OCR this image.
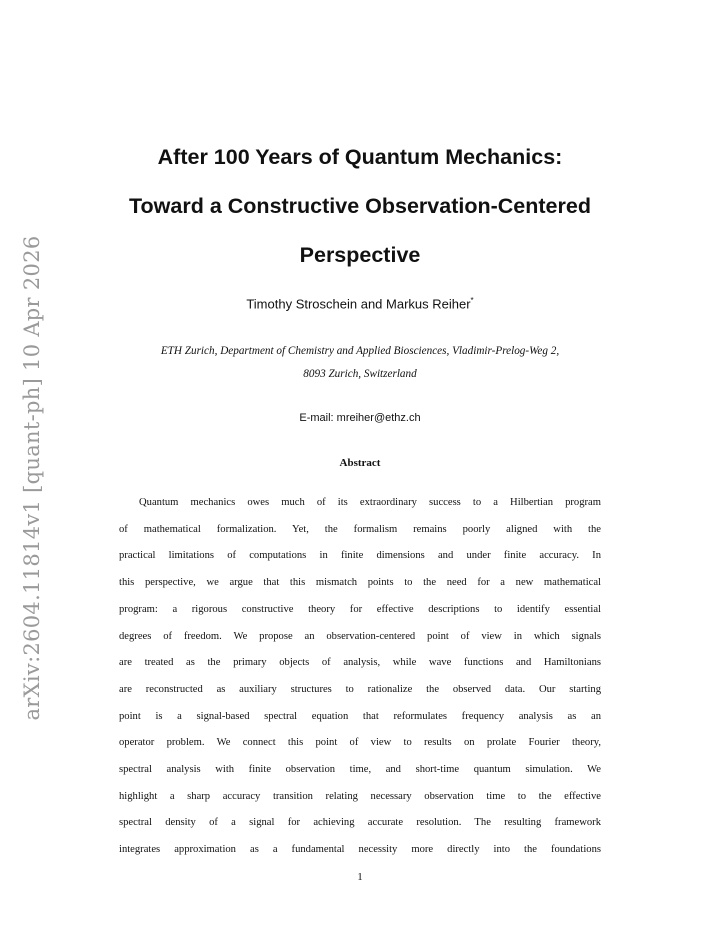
arXiv:2604.11814v1 [quant-ph] 10 Apr 2026
After 100 Years of Quantum Mechanics:
Toward a Constructive Observation-Centered
Perspective
Timothy Stroschein and Markus Reiher*
ETH Zurich, Department of Chemistry and Applied Biosciences, Vladimir-Prelog-Weg 2,
8093 Zurich, Switzerland
E-mail: mreiher@ethz.ch
Abstract
Quantum mechanics owes much of its extraordinary success to a Hilbertian program
of mathematical formalization. Yet, the formalism remains poorly aligned with the
practical limitations of computations in finite dimensions and under finite accuracy. In
this perspective, we argue that this mismatch points to the need for a new mathematical
program: a rigorous constructive theory for effective descriptions to identify essential
degrees of freedom. We propose an observation-centered point of view in which signals
are treated as the primary objects of analysis, while wave functions and Hamiltonians
are reconstructed as auxiliary structures to rationalize the observed data. Our starting
point is a signal-based spectral equation that reformulates frequency analysis as an
operator problem. We connect this point of view to results on prolate Fourier theory,
spectral analysis with finite observation time, and short-time quantum simulation. We
highlight a sharp accuracy transition relating necessary observation time to the effective
spectral density of a signal for achieving accurate resolution. The resulting framework
integrates approximation as a fundamental necessity more directly into the foundations
1
